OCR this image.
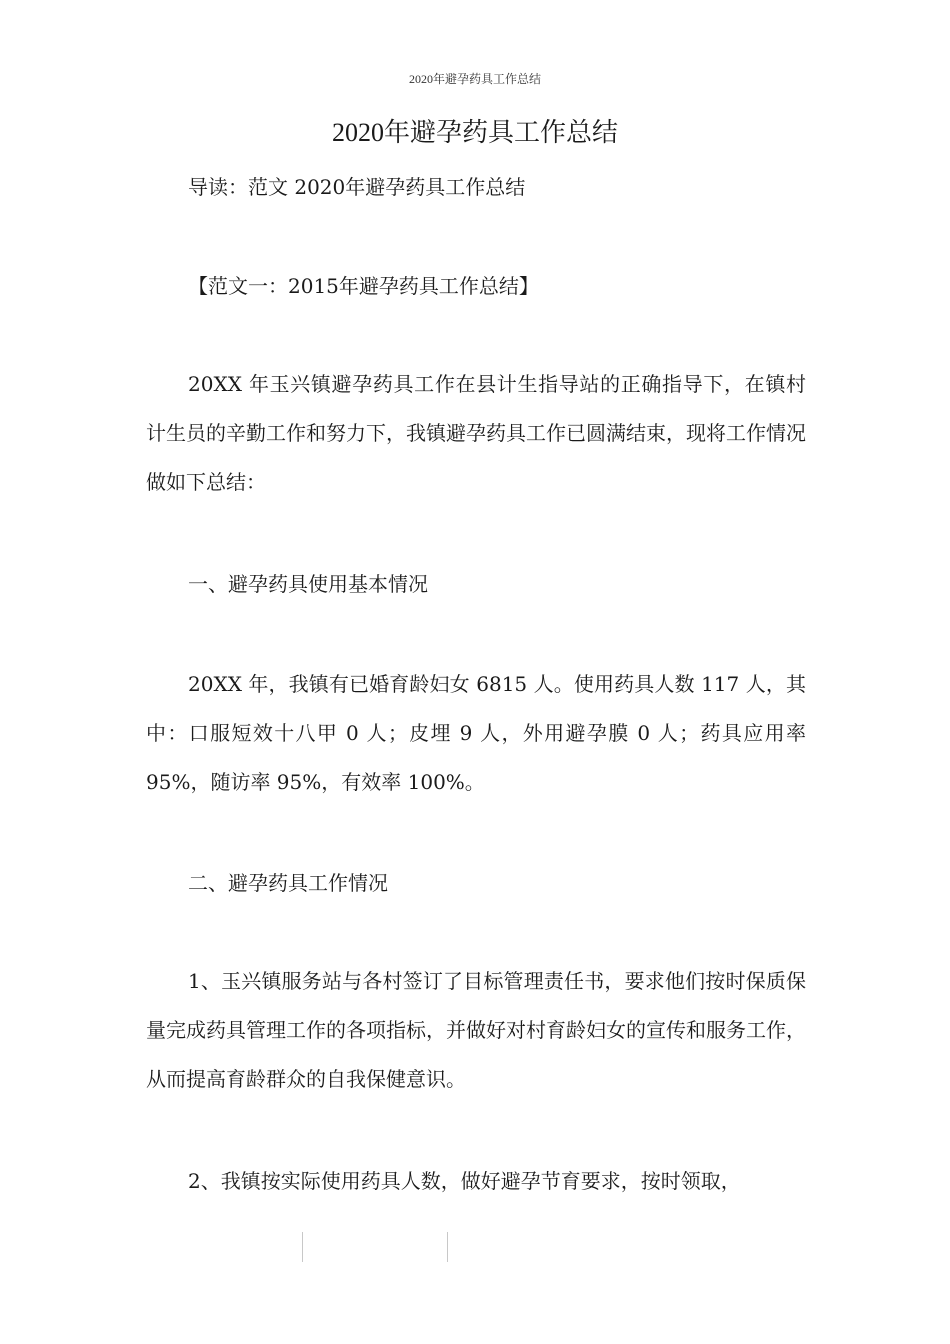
2020年避孕药具工作总结
2020年避孕药具工作总结

导读：范文 2020年避孕药具工作总结

【范文一：2015年避孕药具工作总结】

20XX 年玉兴镇避孕药具工作在县计生指导站的正确指导下，在镇村计生员的辛勤工作和努力下，我镇避孕药具工作已圆满结束，现将工作情况做如下总结：

一、避孕药具使用基本情况

20XX 年，我镇有已婚育龄妇女 6815 人。使用药具人数 117 人，其中：口服短效十八甲 0 人；皮埋 9 人，外用避孕膜 0 人；药具应用率 95%，随访率 95%，有效率 100%。

二、避孕药具工作情况

1、玉兴镇服务站与各村签订了目标管理责任书，要求他们按时保质保量完成药具管理工作的各项指标，并做好对村育龄妇女的宣传和服务工作，从而提高育龄群众的自我保健意识。

2、我镇按实际使用药具人数，做好避孕节育要求，按时领取，
